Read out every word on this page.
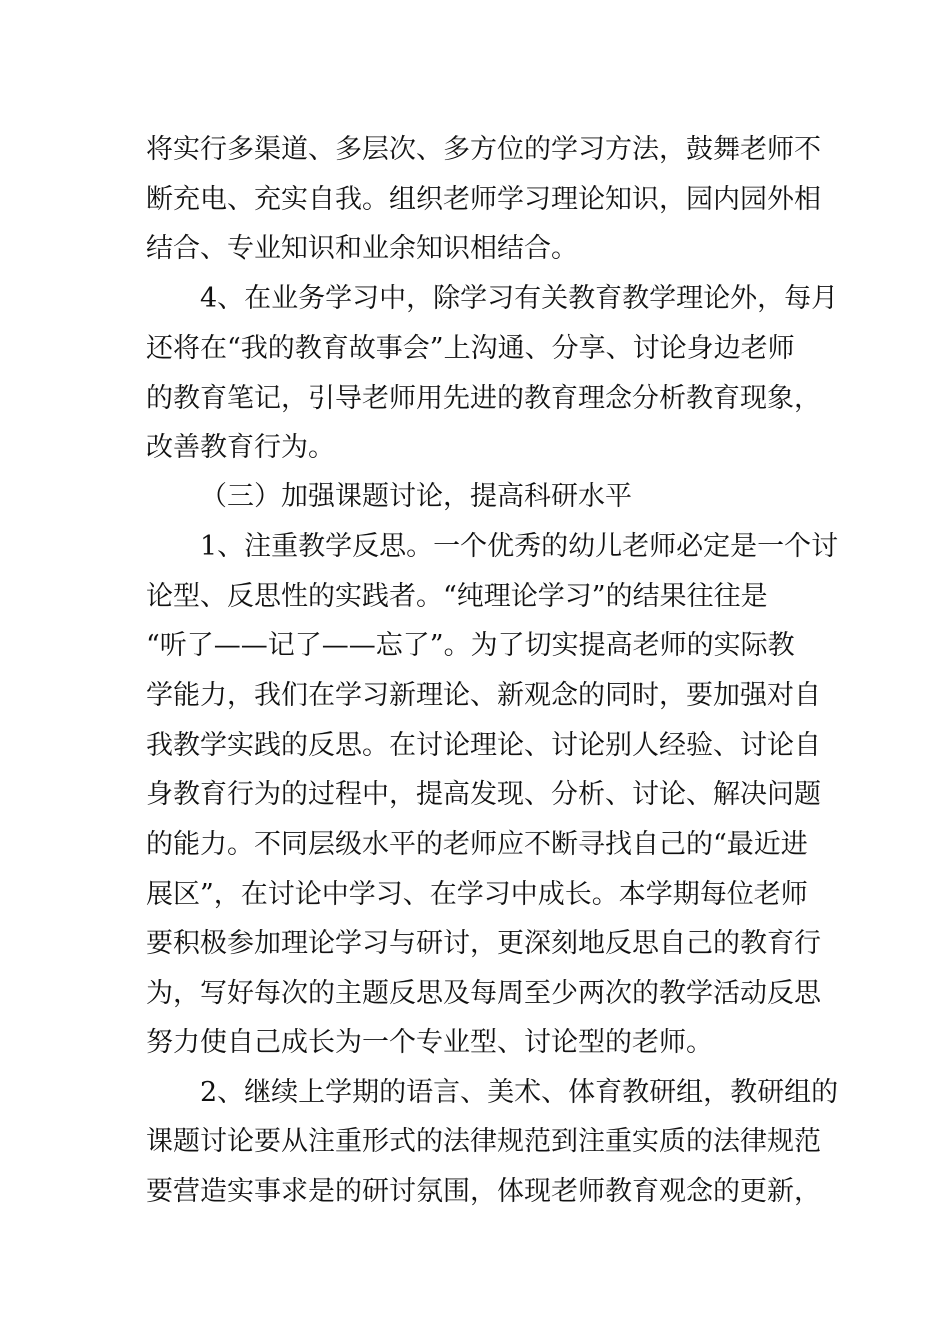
将实行多渠道、多层次、多方位的学习方法，鼓舞老师不
断充电、充实自我。组织老师学习理论知识，园内园外相
结合、专业知识和业余知识相结合。
4、在业务学习中，除学习有关教育教学理论外，每月
还将在“我的教育故事会”上沟通、分享、讨论身边老师
的教育笔记，引导老师用先进的教育理念分析教育现象，
改善教育行为。
（三）加强课题讨论，提高科研水平
1、注重教学反思。一个优秀的幼儿老师必定是一个讨
论型、反思性的实践者。“纯理论学习”的结果往往是
“听了——记了——忘了”。为了切实提高老师的实际教
学能力，我们在学习新理论、新观念的同时，要加强对自
我教学实践的反思。在讨论理论、讨论别人经验、讨论自
身教育行为的过程中，提高发现、分析、讨论、解决问题
的能力。不同层级水平的老师应不断寻找自己的“最近进
展区”，在讨论中学习、在学习中成长。本学期每位老师
要积极参加理论学习与研讨，更深刻地反思自己的教育行
为，写好每次的主题反思及每周至少两次的教学活动反思
努力使自己成长为一个专业型、讨论型的老师。
2、继续上学期的语言、美术、体育教研组，教研组的
课题讨论要从注重形式的法律规范到注重实质的法律规范
要营造实事求是的研讨氛围，体现老师教育观念的更新，
